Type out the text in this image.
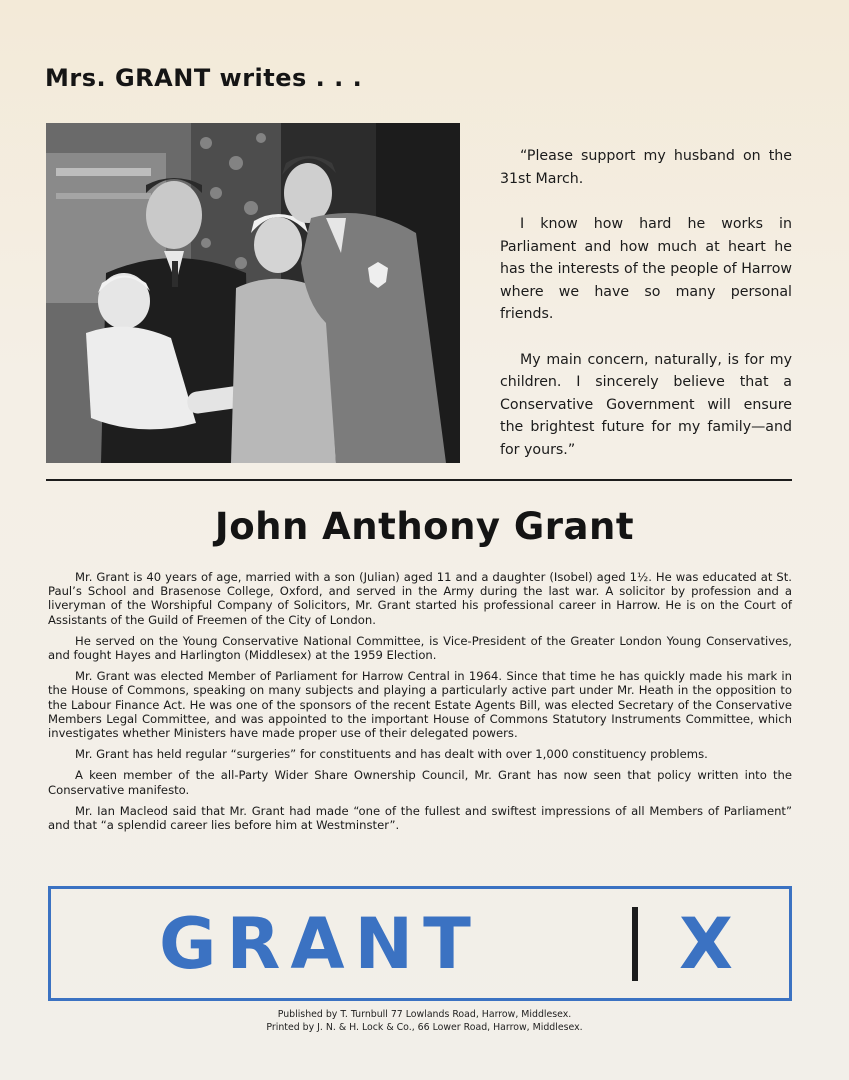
Mrs. GRANT writes . . .

“Please support my husband on the 31st March.

I know how hard he works in Parliament and how much at heart he has the interests of the people of Harrow where we have so many personal friends.

My main concern, naturally, is for my children. I sincerely believe that a Conservative Government will ensure the brightest future for my family—and for yours.”

John Anthony Grant

Mr. Grant is 40 years of age, married with a son (Julian) aged 11 and a daughter (Isobel) aged 1½. He was educated at St. Paul’s School and Brasenose College, Oxford, and served in the Army during the last war. A solicitor by profession and a liveryman of the Worshipful Company of Solicitors, Mr. Grant started his professional career in Harrow. He is on the Court of Assistants of the Guild of Freemen of the City of London.

He served on the Young Conservative National Committee, is Vice-President of the Greater London Young Conservatives, and fought Hayes and Harlington (Middlesex) at the 1959 Election.

Mr. Grant was elected Member of Parliament for Harrow Central in 1964. Since that time he has quickly made his mark in the House of Commons, speaking on many subjects and playing a particularly active part under Mr. Heath in the opposition to the Labour Finance Act. He was one of the sponsors of the recent Estate Agents Bill, was elected Secretary of the Conservative Members Legal Committee, and was appointed to the important House of Commons Statutory Instruments Committee, which investigates whether Ministers have made proper use of their delegated powers.

Mr. Grant has held regular “surgeries” for constituents and has dealt with over 1,000 constituency problems.

A keen member of the all-Party Wider Share Ownership Council, Mr. Grant has now seen that policy written into the Conservative manifesto.

Mr. Ian Macleod said that Mr. Grant had made “one of the fullest and swiftest impressions of all Members of Parliament” and that “a splendid career lies before him at Westminster”.

GRANT	X
Published by T. Turnbull 77 Lowlands Road, Harrow, Middlesex.
Printed by J. N. & H. Lock & Co., 66 Lower Road, Harrow, Middlesex.
